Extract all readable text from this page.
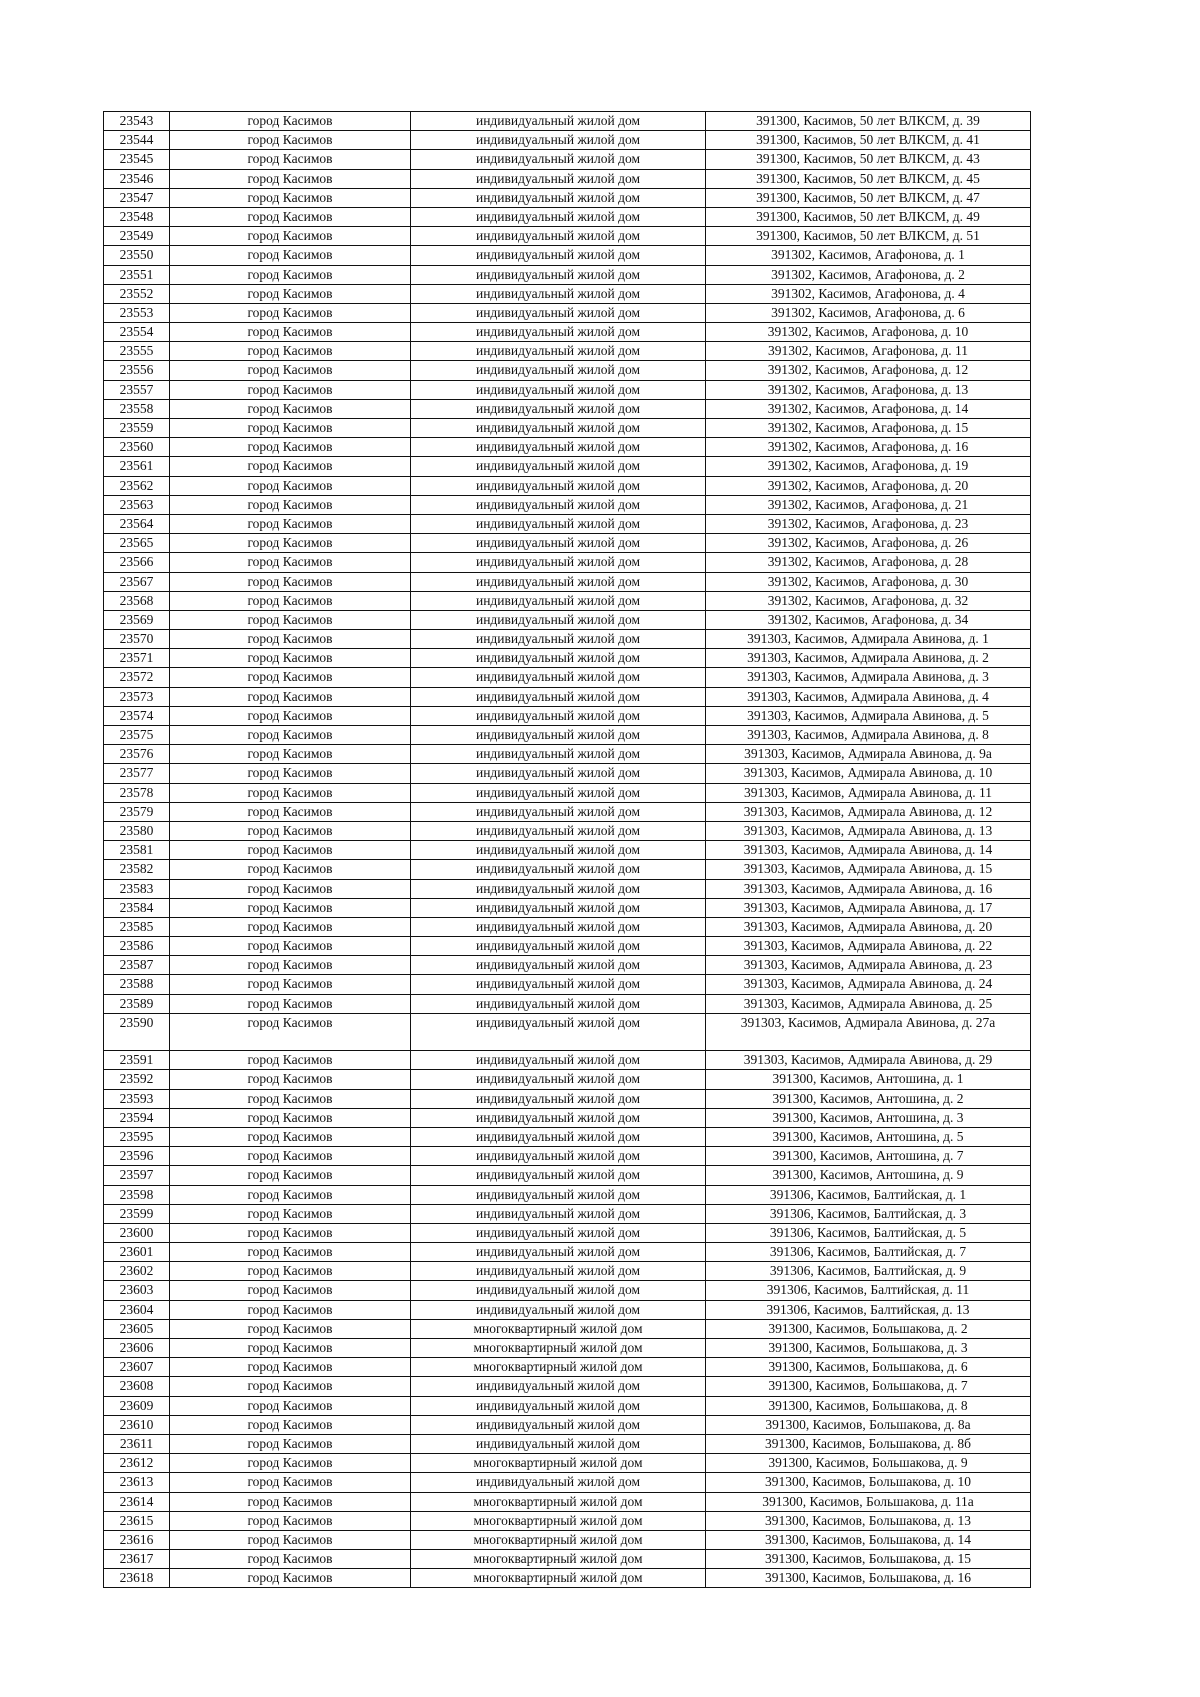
23543	город Касимов	индивидуальный жилой дом	391300, Касимов, 50 лет ВЛКСМ, д. 39
23544	город Касимов	индивидуальный жилой дом	391300, Касимов, 50 лет ВЛКСМ, д. 41
23545	город Касимов	индивидуальный жилой дом	391300, Касимов, 50 лет ВЛКСМ, д. 43
23546	город Касимов	индивидуальный жилой дом	391300, Касимов, 50 лет ВЛКСМ, д. 45
23547	город Касимов	индивидуальный жилой дом	391300, Касимов, 50 лет ВЛКСМ, д. 47
23548	город Касимов	индивидуальный жилой дом	391300, Касимов, 50 лет ВЛКСМ, д. 49
23549	город Касимов	индивидуальный жилой дом	391300, Касимов, 50 лет ВЛКСМ, д. 51
23550	город Касимов	индивидуальный жилой дом	391302, Касимов, Агафонова, д. 1
23551	город Касимов	индивидуальный жилой дом	391302, Касимов, Агафонова, д. 2
23552	город Касимов	индивидуальный жилой дом	391302, Касимов, Агафонова, д. 4
23553	город Касимов	индивидуальный жилой дом	391302, Касимов, Агафонова, д. 6
23554	город Касимов	индивидуальный жилой дом	391302, Касимов, Агафонова, д. 10
23555	город Касимов	индивидуальный жилой дом	391302, Касимов, Агафонова, д. 11
23556	город Касимов	индивидуальный жилой дом	391302, Касимов, Агафонова, д. 12
23557	город Касимов	индивидуальный жилой дом	391302, Касимов, Агафонова, д. 13
23558	город Касимов	индивидуальный жилой дом	391302, Касимов, Агафонова, д. 14
23559	город Касимов	индивидуальный жилой дом	391302, Касимов, Агафонова, д. 15
23560	город Касимов	индивидуальный жилой дом	391302, Касимов, Агафонова, д. 16
23561	город Касимов	индивидуальный жилой дом	391302, Касимов, Агафонова, д. 19
23562	город Касимов	индивидуальный жилой дом	391302, Касимов, Агафонова, д. 20
23563	город Касимов	индивидуальный жилой дом	391302, Касимов, Агафонова, д. 21
23564	город Касимов	индивидуальный жилой дом	391302, Касимов, Агафонова, д. 23
23565	город Касимов	индивидуальный жилой дом	391302, Касимов, Агафонова, д. 26
23566	город Касимов	индивидуальный жилой дом	391302, Касимов, Агафонова, д. 28
23567	город Касимов	индивидуальный жилой дом	391302, Касимов, Агафонова, д. 30
23568	город Касимов	индивидуальный жилой дом	391302, Касимов, Агафонова, д. 32
23569	город Касимов	индивидуальный жилой дом	391302, Касимов, Агафонова, д. 34
23570	город Касимов	индивидуальный жилой дом	391303, Касимов, Адмирала Авинова, д. 1
23571	город Касимов	индивидуальный жилой дом	391303, Касимов, Адмирала Авинова, д. 2
23572	город Касимов	индивидуальный жилой дом	391303, Касимов, Адмирала Авинова, д. 3
23573	город Касимов	индивидуальный жилой дом	391303, Касимов, Адмирала Авинова, д. 4
23574	город Касимов	индивидуальный жилой дом	391303, Касимов, Адмирала Авинова, д. 5
23575	город Касимов	индивидуальный жилой дом	391303, Касимов, Адмирала Авинова, д. 8
23576	город Касимов	индивидуальный жилой дом	391303, Касимов, Адмирала Авинова, д. 9а
23577	город Касимов	индивидуальный жилой дом	391303, Касимов, Адмирала Авинова, д. 10
23578	город Касимов	индивидуальный жилой дом	391303, Касимов, Адмирала Авинова, д. 11
23579	город Касимов	индивидуальный жилой дом	391303, Касимов, Адмирала Авинова, д. 12
23580	город Касимов	индивидуальный жилой дом	391303, Касимов, Адмирала Авинова, д. 13
23581	город Касимов	индивидуальный жилой дом	391303, Касимов, Адмирала Авинова, д. 14
23582	город Касимов	индивидуальный жилой дом	391303, Касимов, Адмирала Авинова, д. 15
23583	город Касимов	индивидуальный жилой дом	391303, Касимов, Адмирала Авинова, д. 16
23584	город Касимов	индивидуальный жилой дом	391303, Касимов, Адмирала Авинова, д. 17
23585	город Касимов	индивидуальный жилой дом	391303, Касимов, Адмирала Авинова, д. 20
23586	город Касимов	индивидуальный жилой дом	391303, Касимов, Адмирала Авинова, д. 22
23587	город Касимов	индивидуальный жилой дом	391303, Касимов, Адмирала Авинова, д. 23
23588	город Касимов	индивидуальный жилой дом	391303, Касимов, Адмирала Авинова, д. 24
23589	город Касимов	индивидуальный жилой дом	391303, Касимов, Адмирала Авинова, д. 25
23590	город Касимов	индивидуальный жилой дом	391303, Касимов, Адмирала Авинова, д. 27а
23591	город Касимов	индивидуальный жилой дом	391303, Касимов, Адмирала Авинова, д. 29
23592	город Касимов	индивидуальный жилой дом	391300, Касимов, Антошина, д. 1
23593	город Касимов	индивидуальный жилой дом	391300, Касимов, Антошина, д. 2
23594	город Касимов	индивидуальный жилой дом	391300, Касимов, Антошина, д. 3
23595	город Касимов	индивидуальный жилой дом	391300, Касимов, Антошина, д. 5
23596	город Касимов	индивидуальный жилой дом	391300, Касимов, Антошина, д. 7
23597	город Касимов	индивидуальный жилой дом	391300, Касимов, Антошина, д. 9
23598	город Касимов	индивидуальный жилой дом	391306, Касимов, Балтийская, д. 1
23599	город Касимов	индивидуальный жилой дом	391306, Касимов, Балтийская, д. 3
23600	город Касимов	индивидуальный жилой дом	391306, Касимов, Балтийская, д. 5
23601	город Касимов	индивидуальный жилой дом	391306, Касимов, Балтийская, д. 7
23602	город Касимов	индивидуальный жилой дом	391306, Касимов, Балтийская, д. 9
23603	город Касимов	индивидуальный жилой дом	391306, Касимов, Балтийская, д. 11
23604	город Касимов	индивидуальный жилой дом	391306, Касимов, Балтийская, д. 13
23605	город Касимов	многоквартирный жилой дом	391300, Касимов, Большакова, д. 2
23606	город Касимов	многоквартирный жилой дом	391300, Касимов, Большакова, д. 3
23607	город Касимов	многоквартирный жилой дом	391300, Касимов, Большакова, д. 6
23608	город Касимов	индивидуальный жилой дом	391300, Касимов, Большакова, д. 7
23609	город Касимов	индивидуальный жилой дом	391300, Касимов, Большакова, д. 8
23610	город Касимов	индивидуальный жилой дом	391300, Касимов, Большакова, д. 8а
23611	город Касимов	индивидуальный жилой дом	391300, Касимов, Большакова, д. 8б
23612	город Касимов	многоквартирный жилой дом	391300, Касимов, Большакова, д. 9
23613	город Касимов	индивидуальный жилой дом	391300, Касимов, Большакова, д. 10
23614	город Касимов	многоквартирный жилой дом	391300, Касимов, Большакова, д. 11а
23615	город Касимов	многоквартирный жилой дом	391300, Касимов, Большакова, д. 13
23616	город Касимов	многоквартирный жилой дом	391300, Касимов, Большакова, д. 14
23617	город Касимов	многоквартирный жилой дом	391300, Касимов, Большакова, д. 15
23618	город Касимов	многоквартирный жилой дом	391300, Касимов, Большакова, д. 16
